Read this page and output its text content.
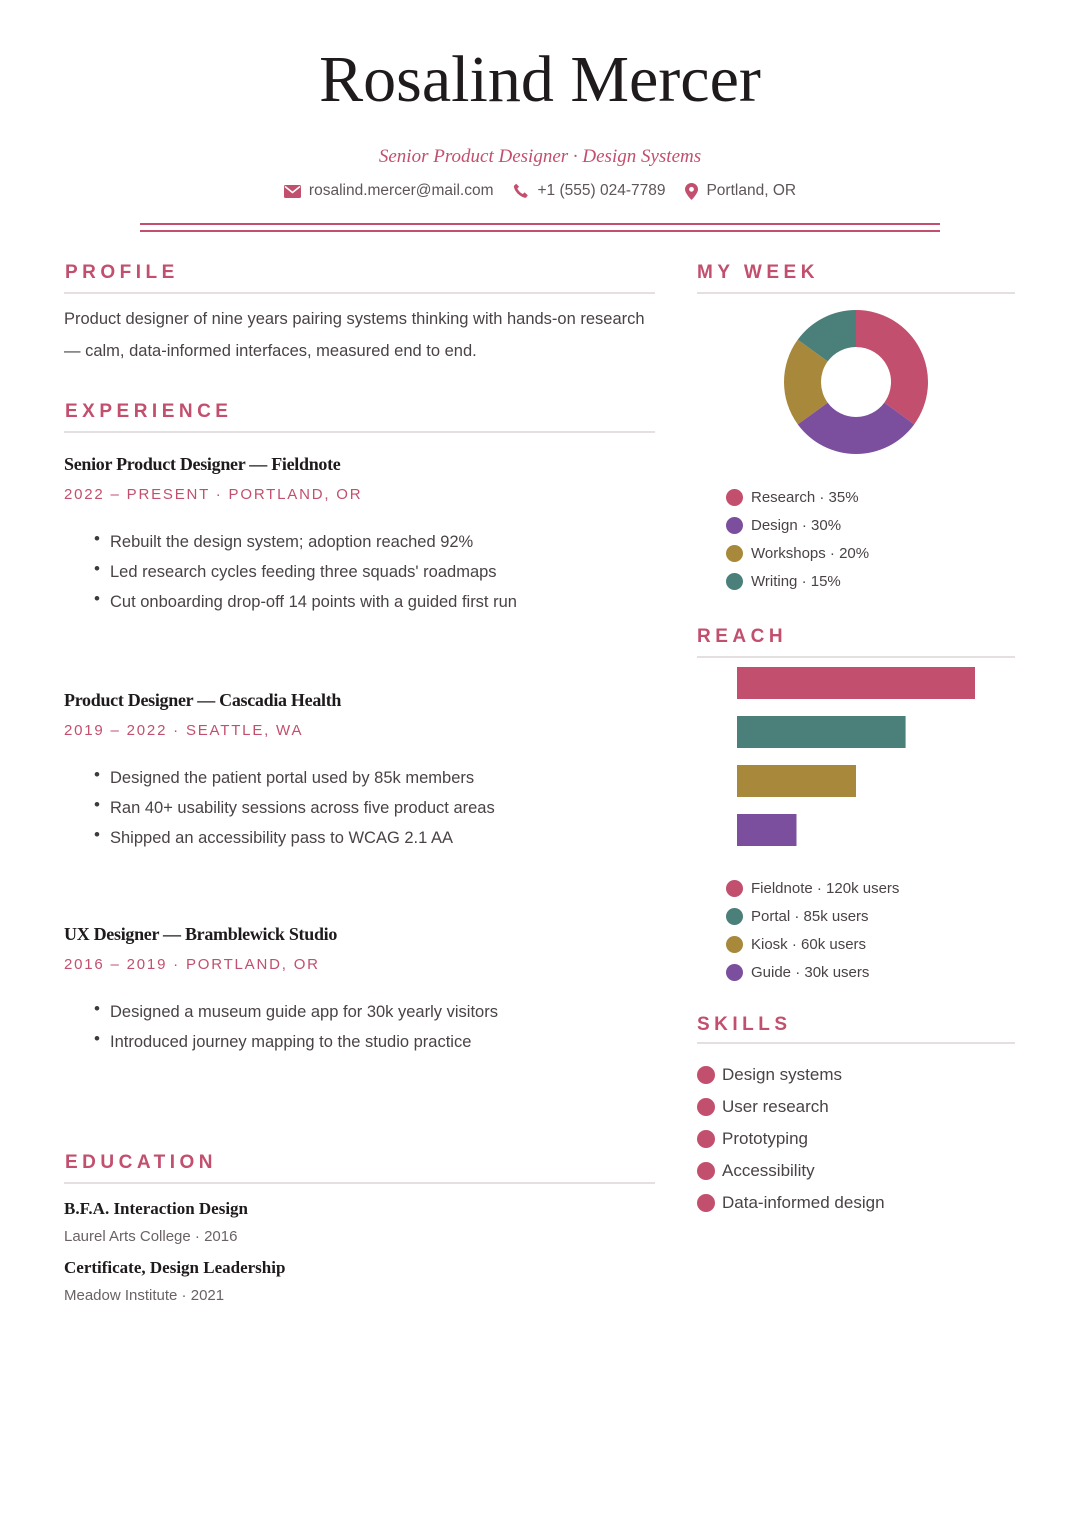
Rosalind Mercer
Senior Product Designer · Design Systems
rosalind.mercer@mail.com	+1 (555) 024-7789	Portland, OR
PROFILE
Product designer of nine years pairing systems thinking with hands-on research — calm, data-informed interfaces, measured end to end.
EXPERIENCE
Senior Product Designer — Fieldnote
2022 – PRESENT · PORTLAND, OR
• Rebuilt the design system; adoption reached 92%
• Led research cycles feeding three squads' roadmaps
• Cut onboarding drop-off 14 points with a guided first run
Product Designer — Cascadia Health
2019 – 2022 · SEATTLE, WA
• Designed the patient portal used by 85k members
• Ran 40+ usability sessions across five product areas
• Shipped an accessibility pass to WCAG 2.1 AA
UX Designer — Bramblewick Studio
2016 – 2019 · PORTLAND, OR
• Designed a museum guide app for 30k yearly visitors
• Introduced journey mapping to the studio practice
EDUCATION
B.F.A. Interaction Design
Laurel Arts College · 2016
Certificate, Design Leadership
Meadow Institute · 2021
MY WEEK
Research · 35%
Design · 30%
Workshops · 20%
Writing · 15%
REACH
Fieldnote · 120k users
Portal · 85k users
Kiosk · 60k users
Guide · 30k users
SKILLS
Design systems
User research
Prototyping
Accessibility
Data-informed design
